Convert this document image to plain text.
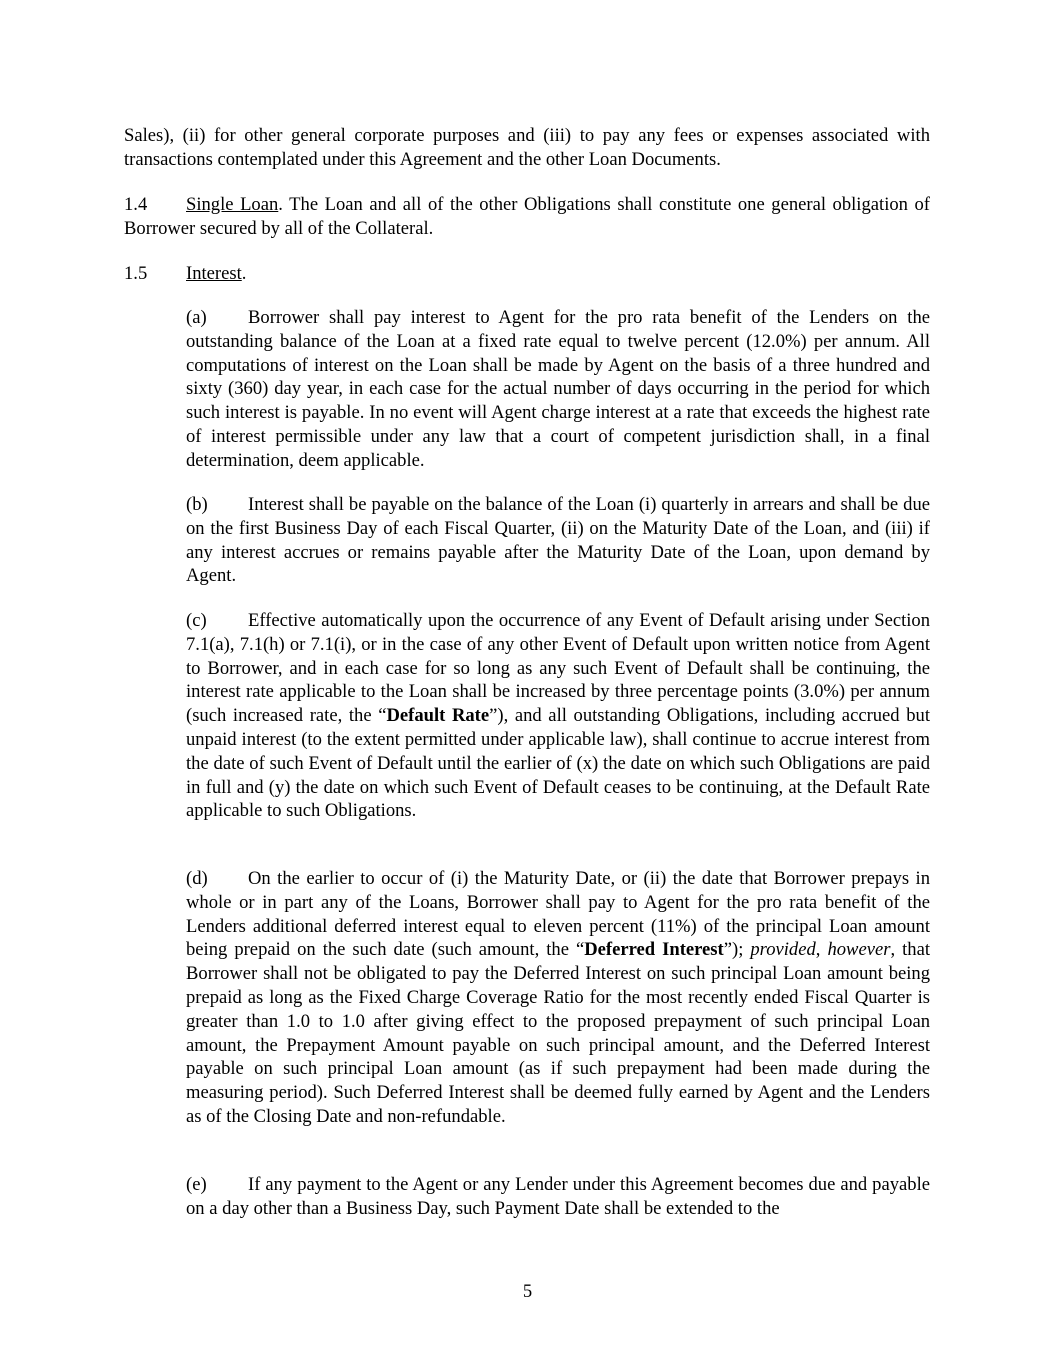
Sales), (ii) for other general corporate purposes and (iii) to pay any fees or expenses associated with transactions contemplated under this Agreement and the other Loan Documents.

1.4 Single Loan. The Loan and all of the other Obligations shall constitute one general obligation of Borrower secured by all of the Collateral.

1.5 Interest.

(a) Borrower shall pay interest to Agent for the pro rata benefit of the Lenders on the outstanding balance of the Loan at a fixed rate equal to twelve percent (12.0%) per annum. All computations of interest on the Loan shall be made by Agent on the basis of a three hundred and sixty (360) day year, in each case for the actual number of days occurring in the period for which such interest is payable. In no event will Agent charge interest at a rate that exceeds the highest rate of interest permissible under any law that a court of competent jurisdiction shall, in a final determination, deem applicable.

(b) Interest shall be payable on the balance of the Loan (i) quarterly in arrears and shall be due on the first Business Day of each Fiscal Quarter, (ii) on the Maturity Date of the Loan, and (iii) if any interest accrues or remains payable after the Maturity Date of the Loan, upon demand by Agent.

(c) Effective automatically upon the occurrence of any Event of Default arising under Section 7.1(a), 7.1(h) or 7.1(i), or in the case of any other Event of Default upon written notice from Agent to Borrower, and in each case for so long as any such Event of Default shall be continuing, the interest rate applicable to the Loan shall be increased by three percentage points (3.0%) per annum (such increased rate, the “Default Rate”), and all outstanding Obligations, including accrued but unpaid interest (to the extent permitted under applicable law), shall continue to accrue interest from the date of such Event of Default until the earlier of (x) the date on which such Obligations are paid in full and (y) the date on which such Event of Default ceases to be continuing, at the Default Rate applicable to such Obligations.

(d) On the earlier to occur of (i) the Maturity Date, or (ii) the date that Borrower prepays in whole or in part any of the Loans, Borrower shall pay to Agent for the pro rata benefit of the Lenders additional deferred interest equal to eleven percent (11%) of the principal Loan amount being prepaid on the such date (such amount, the “Deferred Interest”); provided, however, that Borrower shall not be obligated to pay the Deferred Interest on such principal Loan amount being prepaid as long as the Fixed Charge Coverage Ratio for the most recently ended Fiscal Quarter is greater than 1.0 to 1.0 after giving effect to the proposed prepayment of such principal Loan amount, the Prepayment Amount payable on such principal amount, and the Deferred Interest payable on such principal Loan amount (as if such prepayment had been made during the measuring period). Such Deferred Interest shall be deemed fully earned by Agent and the Lenders as of the Closing Date and non-refundable.

(e) If any payment to the Agent or any Lender under this Agreement becomes due and payable on a day other than a Business Day, such Payment Date shall be extended to the

5
